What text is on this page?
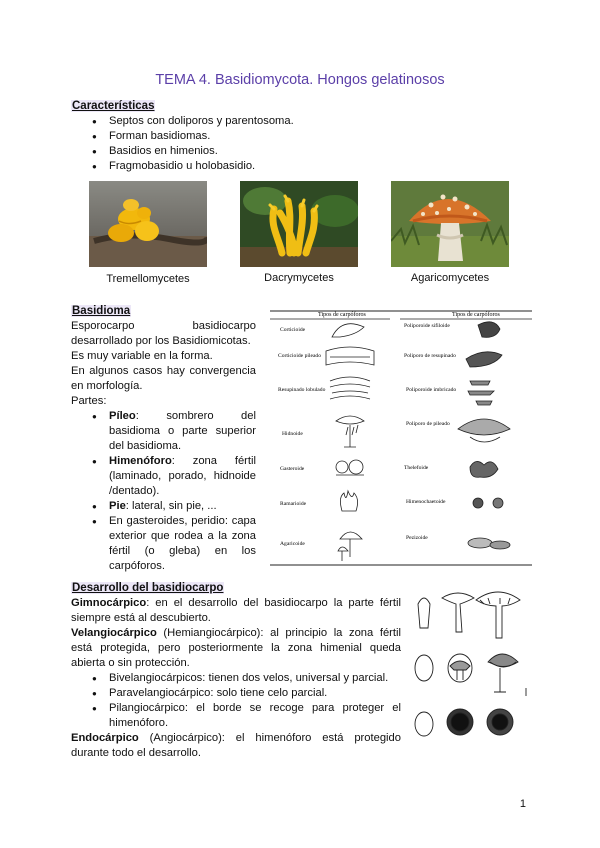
TEMA 4. Basidiomycota. Hongos gelatinosos
Características
● Septos con doliporos y parentosoma.
● Forman basidiomas.
● Basidios en himenios.
● Fragmobasidio u holobasidio.
Tremellomycetes	Dacrymycetes	Agaricomycetes
Basidioma
Esporocarpo basidiocarpo desarrollado por los Basidiomicotas.
Es muy variable en la forma.
En algunos casos hay convergencia en morfología.
Partes:
● Píleo: sombrero del basidioma o parte superior del basidioma.
● Himenóforo: zona fértil (laminado, porado, hidnoide /dentado).
● Pie: lateral, sin pie, ...
● En gasteroides, peridio: capa exterior que rodea a la zona fértil (o gleba) en los carpóforos.
Tipos de carpóforos	Tipos de carpóforos
Corticioide
Corticioide pileado
Resupinado lobulado
Hidnoide
Gasteroide
Ramarioide
Agaricoide
Poliporoide sifiloide
Poliporo de resupinado
Poliporoide imbricado
Poliporo de pileado
Thelefoide
Himenochaetoide
Pezizoide
Desarrollo del basidiocarpo
Gimnocárpico: en el desarrollo del basidiocarpo la parte fértil siempre está al descubierto.
Velangiocárpico (Hemiangiocárpico): al principio la zona fértil está protegida, pero posteriormente la zona himenial queda abierta o sin protección.
● Bivelangiocárpicos: tienen dos velos, universal y parcial.
● Paravelangiocárpico: solo tiene celo parcial.
● Pilangiocárpico: el borde se recoge para proteger el himenóforo.
Endocárpico (Angiocárpico): el himenóforo está protegido durante todo el desarrollo.
1
